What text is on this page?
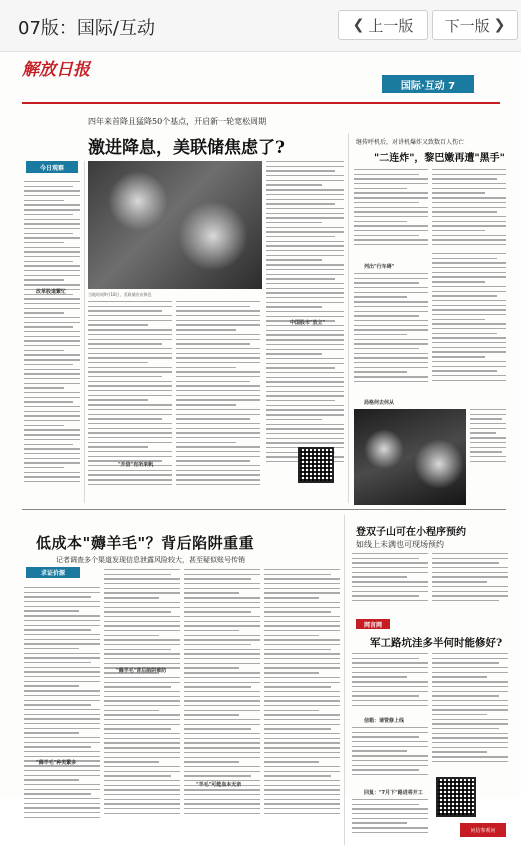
07版：国际/互动	❮ 上一版 下一版 ❯
解放日报
国际·互动 7
四年来首降且猛降50个基点，开启新一轮宽松周期
激进降息，美联储焦虑了?
今日观察
改革股道繁忙	当地时间9月18日，美联储宣布降息
"开倍"有所来帆
中国股市"放立"
继传呼机后，对讲机爆炸又致数百人伤亡
"二连炸"，黎巴嫩再遭"黑手"
列出"行车碍"
局格何去何从
低成本"薅羊毛"？背后陷阱重重
记者调查多个渠道发现信息泄露风险较大，甚至疑似账号传销
求证价源
"薅羊毛"种类繁多
"薅羊毛"背后陷阱难防
"羊毛"可能血本无亲
登双子山可在小程序预约
如线上未满也可现场预约
网言网
军工路坑洼多半何时能修好?
信箱：请管修上线
回复："7月下"路进将开工
问信参观问
